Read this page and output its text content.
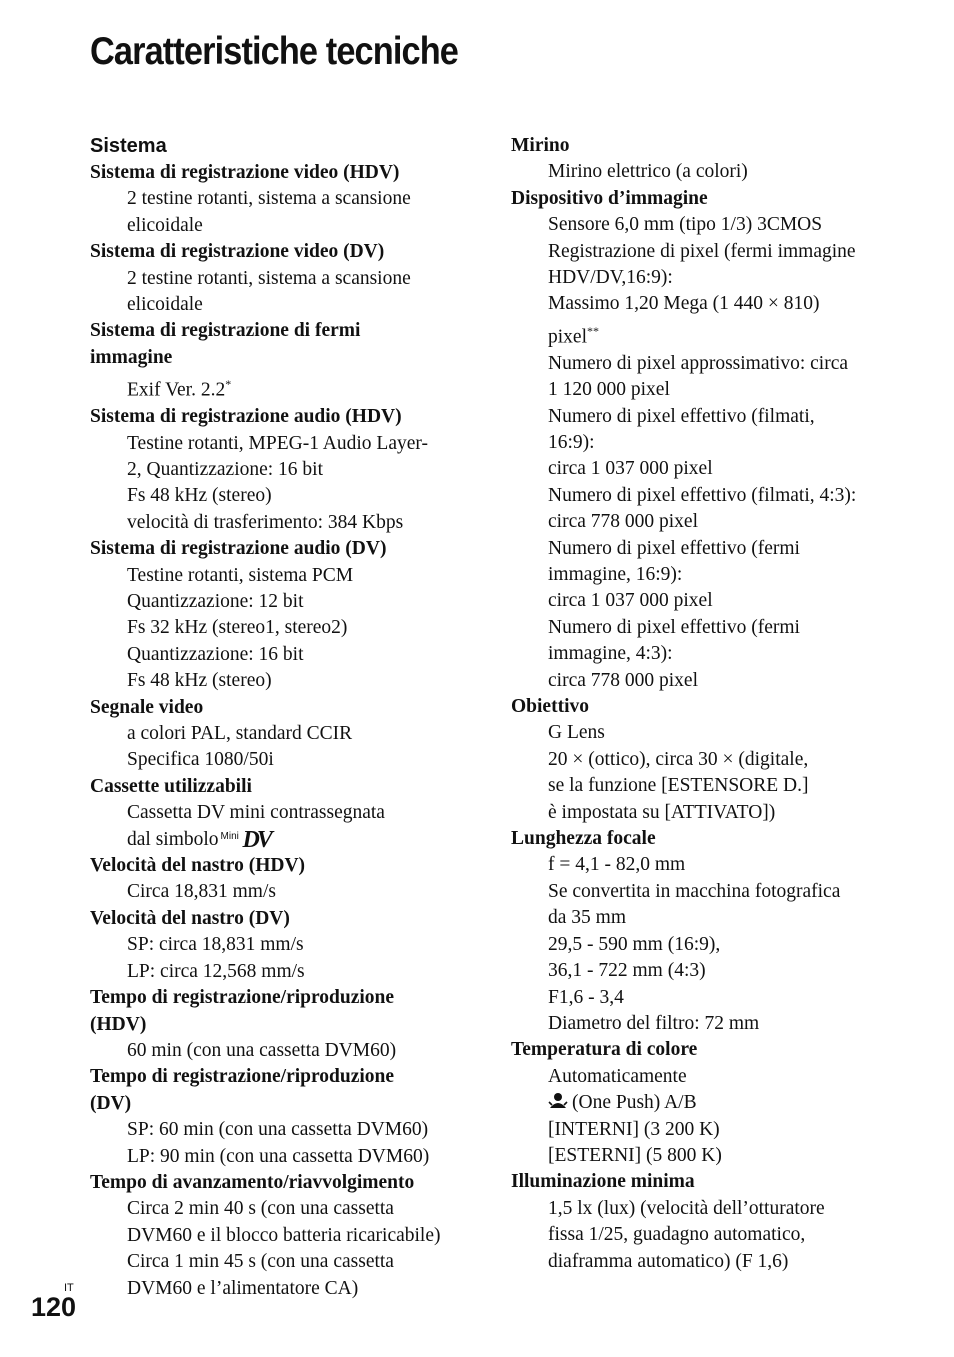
Caratteristiche tecniche
Sistema
Sistema di registrazione video (HDV)
2 testine rotanti, sistema a scansione
elicoidale
Sistema di registrazione video (DV)
2 testine rotanti, sistema a scansione
elicoidale
Sistema di registrazione di fermi
immagine
Exif Ver. 2.2*
Sistema di registrazione audio (HDV)
Testine rotanti, MPEG-1 Audio Layer-
2, Quantizzazione: 16 bit
Fs 48 kHz (stereo)
velocità di trasferimento: 384 Kbps
Sistema di registrazione audio (DV)
Testine rotanti, sistema PCM
Quantizzazione: 12 bit
Fs 32 kHz (stereo1, stereo2)
Quantizzazione: 16 bit
Fs 48 kHz (stereo)
Segnale video
a colori PAL, standard CCIR
Specifica 1080/50i
Cassette utilizzabili
Cassetta DV mini contrassegnata
dal simbolo Mini DV
Velocità del nastro (HDV)
Circa 18,831 mm/s
Velocità del nastro (DV)
SP: circa 18,831 mm/s
LP: circa 12,568 mm/s
Tempo di registrazione/riproduzione
(HDV)
60 min (con una cassetta DVM60)
Tempo di registrazione/riproduzione
(DV)
SP: 60 min (con una cassetta DVM60)
LP: 90 min (con una cassetta DVM60)
Tempo di avanzamento/riavvolgimento
Circa 2 min 40 s (con una cassetta
DVM60 e il blocco batteria ricaricabile)
Circa 1 min 45 s (con una cassetta
DVM60 e l’alimentatore CA)
Mirino
Mirino elettrico (a colori)
Dispositivo d’immagine
Sensore 6,0 mm (tipo 1/3) 3CMOS
Registrazione di pixel (fermi immagine
HDV/DV,16:9):
Massimo 1,20 Mega (1 440 × 810)
pixel**
Numero di pixel approssimativo: circa
1 120 000 pixel
Numero di pixel effettivo (filmati,
16:9):
circa 1 037 000 pixel
Numero di pixel effettivo (filmati, 4:3):
circa 778 000 pixel
Numero di pixel effettivo (fermi
immagine, 16:9):
circa 1 037 000 pixel
Numero di pixel effettivo (fermi
immagine, 4:3):
circa 778 000 pixel
Obiettivo
G Lens
20 × (ottico), circa 30 × (digitale,
se la funzione [ESTENSORE D.]
è impostata su [ATTIVATO])
Lunghezza focale
f = 4,1 - 82,0 mm
Se convertita in macchina fotografica
da 35 mm
29,5 - 590 mm (16:9),
36,1 - 722 mm (4:3)
F1,6 - 3,4
Diametro del filtro: 72 mm
Temperatura di colore
Automaticamente
(One Push) A/B
[INTERNI] (3 200 K)
[ESTERNI] (5 800 K)
Illuminazione minima
1,5 lx (lux) (velocità dell’otturatore
fissa 1/25, guadagno automatico,
diaframma automatico) (F 1,6)
IT
120
